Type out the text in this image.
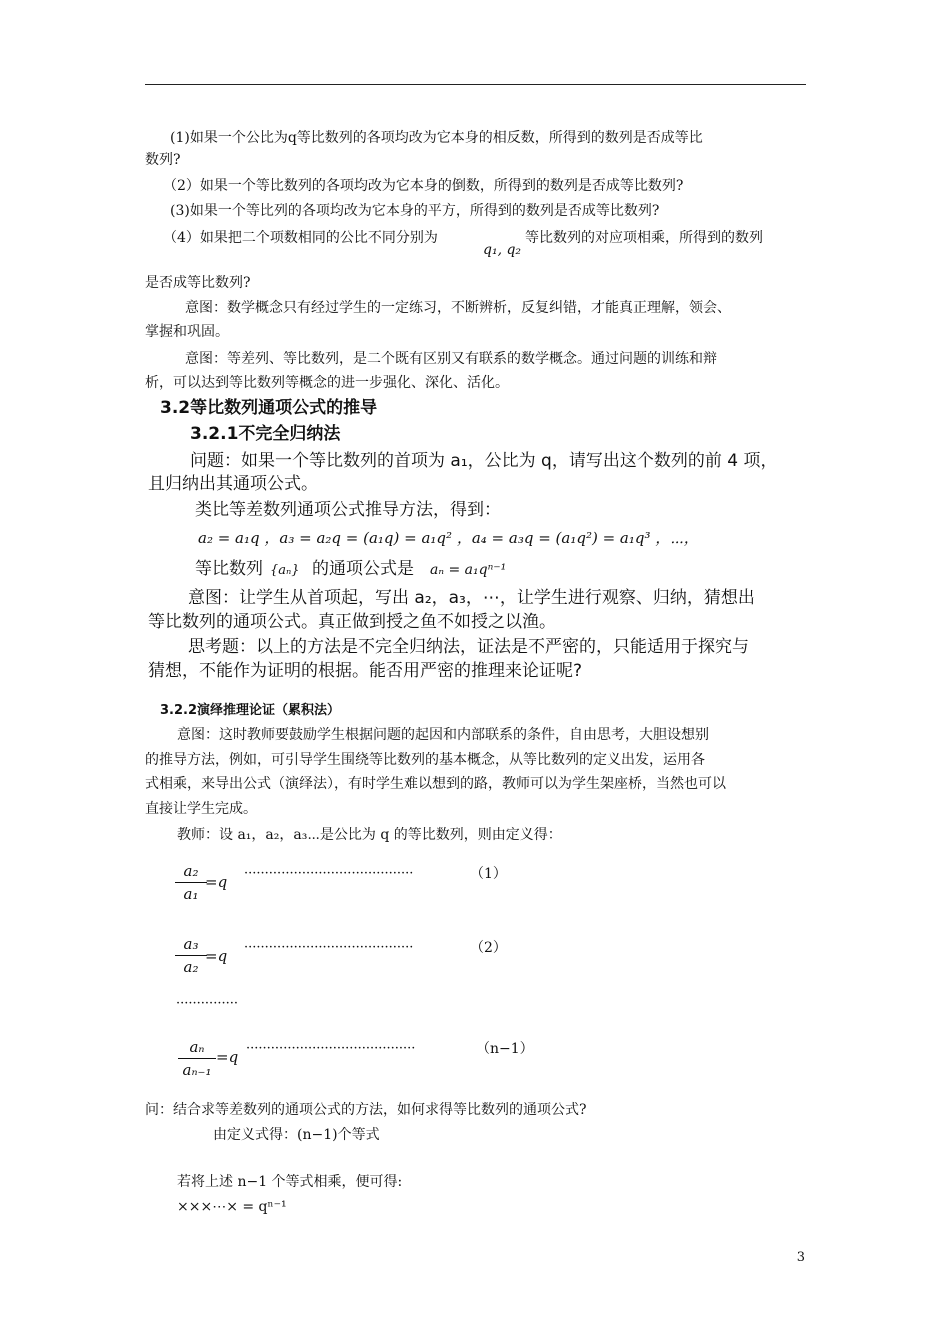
(1)如果一个公比为q等比数列的各项均改为它本身的相反数，所得到的数列是否成等比
数列?
（2）如果一个等比数列的各项均改为它本身的倒数，所得到的数列是否成等比数列?
(3)如果一个等比列的各项均改为它本身的平方，所得到的数列是否成等比数列?
（4）如果把二个项数相同的公比不同分别为
q₁, q₂
等比数列的对应项相乘，所得到的数列
是否成等比数列?
意图：数学概念只有经过学生的一定练习，不断辨析，反复纠错，才能真正理解，领会、
掌握和巩固。
意图：等差列、等比数列，是二个既有区别又有联系的数学概念。通过问题的训练和辩
析，可以达到等比数列等概念的进一步强化、深化、活化。
3.2等比数列通项公式的推导
3.2.1不完全归纳法
问题：如果一个等比数列的首项为 a₁，公比为 q，请写出这个数列的前 4 项，
且归纳出其通项公式。
类比等差数列通项公式推导方法，得到：
a₂ = a₁q ，a₃ = a₂q = (a₁q) = a₁q² ，a₄ = a₃q = (a₁q²) = a₁q³ ，⋯，
等比数列 {aₙ} 的通项公式是 aₙ = a₁qⁿ⁻¹
意图：让学生从首项起，写出 a₂，a₃，⋯，让学生进行观察、归纳，猜想出
等比数列的通项公式。真正做到授之鱼不如授之以渔。
思考题：以上的方法是不完全归纳法，证法是不严密的，只能适用于探究与
猜想，不能作为证明的根据。能否用严密的推理来论证呢?
3.2.2演绎推理论证（累积法）
意图：这时教师要鼓励学生根据问题的起因和内部联系的条件，自由思考，大胆设想别
的推导方法，例如，可引导学生围绕等比数列的基本概念，从等比数列的定义出发，运用各
式相乘，来导出公式（演绎法），有时学生难以想到的路，教师可以为学生架座桥，当然也可以
直接让学生完成。
教师：设 a₁，a₂，a₃⋯是公比为 q 的等比数列，则由定义得：
a₂
a₁
=q ·········································	（1）
a₃
a₂
=q ·········································	（2）
···············
aₙ
aₙ₋₁
=q ·········································	（n−1）
问：结合求等差数列的通项公式的方法，如何求得等比数列的通项公式?
由定义式得：(n−1)个等式
若将上述 n−1 个等式相乘，便可得:
×××⋯× = qⁿ⁻¹
3
